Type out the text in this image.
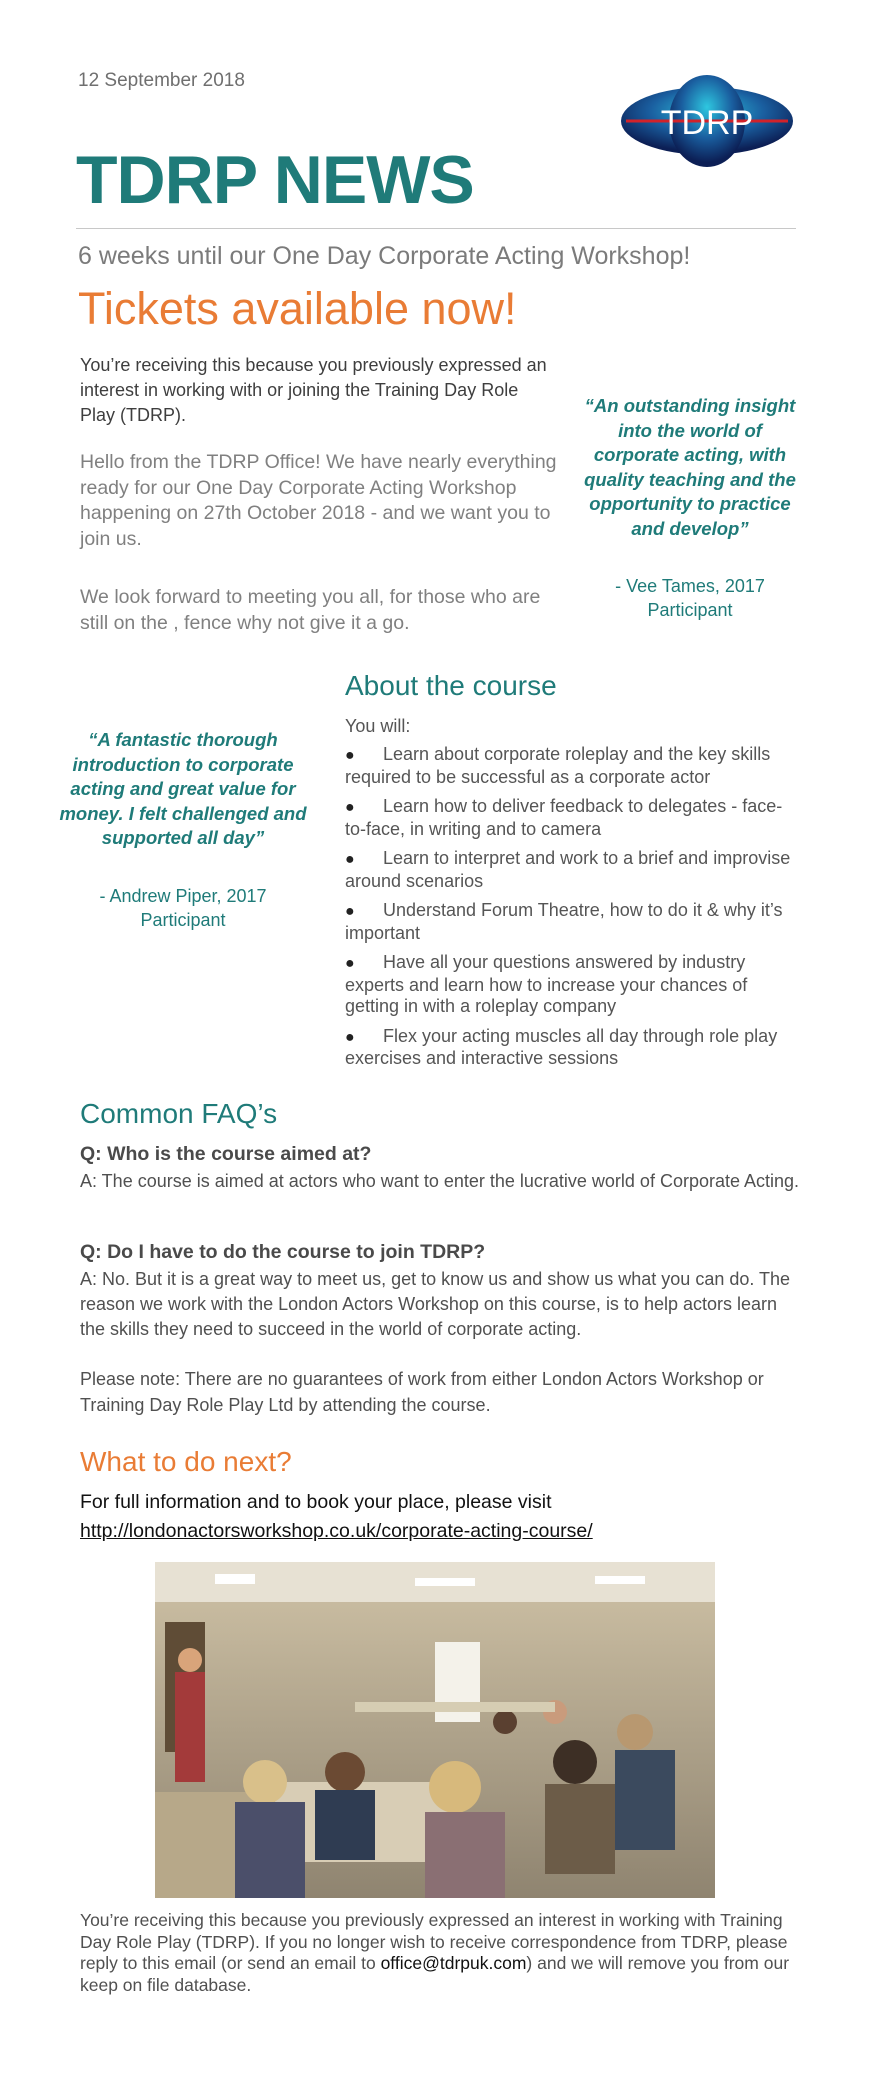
12 September 2018
TDRP
TDRP NEWS
6 weeks until our One Day Corporate Acting Workshop!
Tickets available now!
You’re receiving this because you previously expressed an interest in working with or joining the Training Day Role Play (TDRP).
Hello from the TDRP Office! We have nearly everything ready for our One Day Corporate Acting Workshop happening on 27th October 2018 - and we want you to join us.
We look forward to meeting you all, for those who are still on the , fence why not give it a go.
“An outstanding insight into the world of corporate acting, with quality teaching and the opportunity to practice and develop”
- Vee Tames, 2017 Participant
“A fantastic thorough introduction to corporate acting and great value for money. I felt challenged and supported all day”
- Andrew Piper, 2017 Participant
About the course
You will:
● Learn about corporate roleplay and the key skills required to be successful as a corporate actor
● Learn how to deliver feedback to delegates - face-to-face, in writing and to camera
● Learn to interpret and work to a brief and improvise around scenarios
● Understand Forum Theatre, how to do it & why it’s important
● Have all your questions answered by industry experts and learn how to increase your chances of getting in with a roleplay company
● Flex your acting muscles all day through role play exercises and interactive sessions
Common FAQ’s
Q: Who is the course aimed at?
A: The course is aimed at actors who want to enter the lucrative world of Corporate Acting.
Q: Do I have to do the course to join TDRP?
A: No. But it is a great way to meet us, get to know us and show us what you can do. The reason we work with the London Actors Workshop on this course, is to help actors learn the skills they need to succeed in the world of corporate acting.
Please note: There are no guarantees of work from either London Actors Workshop or Training Day Role Play Ltd by attending the course.
What to do next?
For full information and to book your place, please visit
http://londonactorsworkshop.co.uk/corporate-acting-course/
You’re receiving this because you previously expressed an interest in working with Training Day Role Play (TDRP). If you no longer wish to receive correspondence from TDRP, please reply to this email (or send an email to office@tdrpuk.com) and we will remove you from our keep on file database.
